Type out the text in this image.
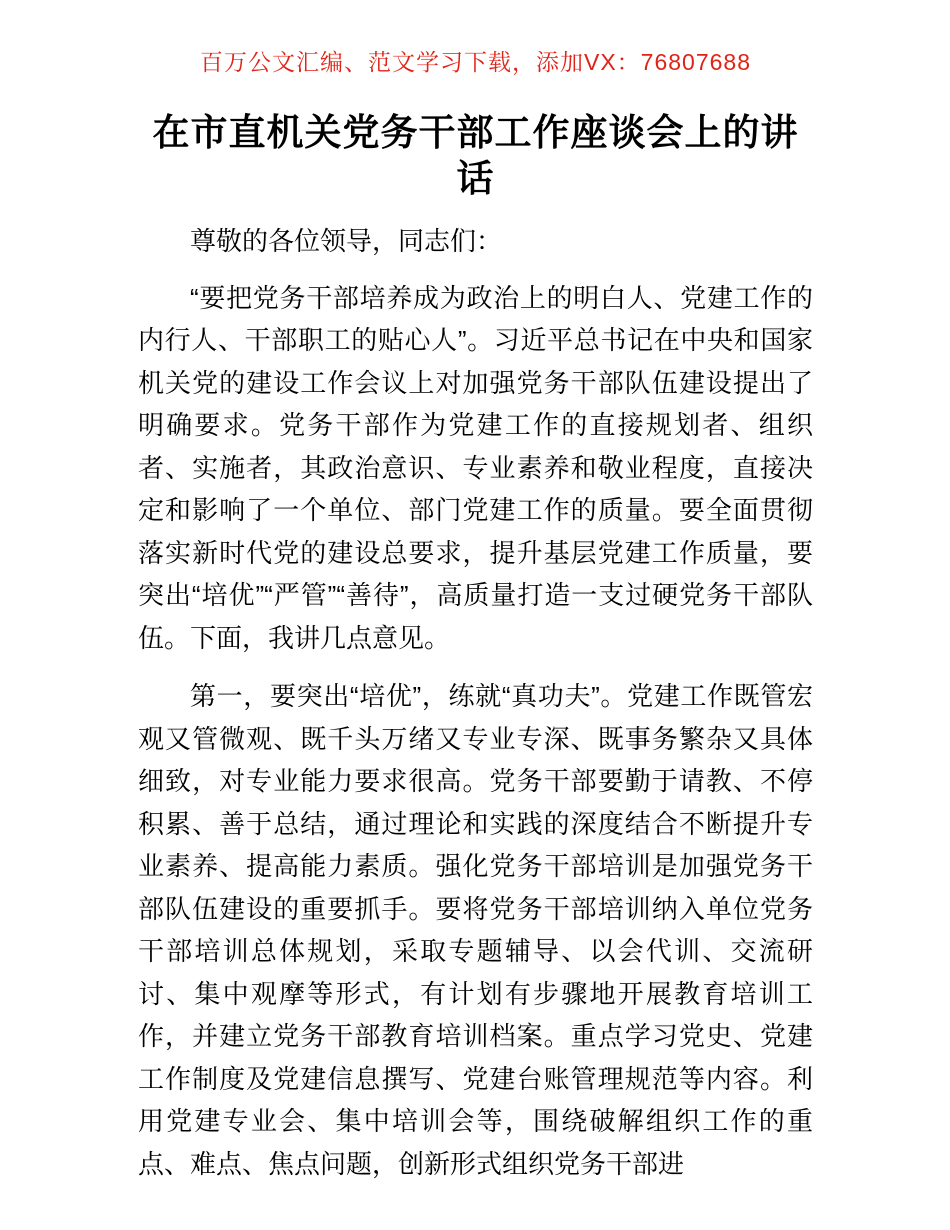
百万公文汇编、范文学习下载，添加VX：76807688
在市直机关党务干部工作座谈会上的讲话

尊敬的各位领导，同志们：

“要把党务干部培养成为政治上的明白人、党建工作的内行人、干部职工的贴心人”。习近平总书记在中央和国家机关党的建设工作会议上对加强党务干部队伍建设提出了明确要求。党务干部作为党建工作的直接规划者、组织者、实施者，其政治意识、专业素养和敬业程度，直接决定和影响了一个单位、部门党建工作的质量。要全面贯彻落实新时代党的建设总要求，提升基层党建工作质量，要突出“培优”“严管”“善待”，高质量打造一支过硬党务干部队伍。下面，我讲几点意见。

第一，要突出“培优”，练就“真功夫”。党建工作既管宏观又管微观、既千头万绪又专业专深、既事务繁杂又具体细致，对专业能力要求很高。党务干部要勤于请教、不停积累、善于总结，通过理论和实践的深度结合不断提升专业素养、提高能力素质。强化党务干部培训是加强党务干部队伍建设的重要抓手。要将党务干部培训纳入单位党务干部培训总体规划，采取专题辅导、以会代训、交流研讨、集中观摩等形式，有计划有步骤地开展教育培训工作，并建立党务干部教育培训档案。重点学习党史、党建工作制度及党建信息撰写、党建台账管理规范等内容。利用党建专业会、集中培训会等，围绕破解组织工作的重点、难点、焦点问题，创新形式组织党务干部进
